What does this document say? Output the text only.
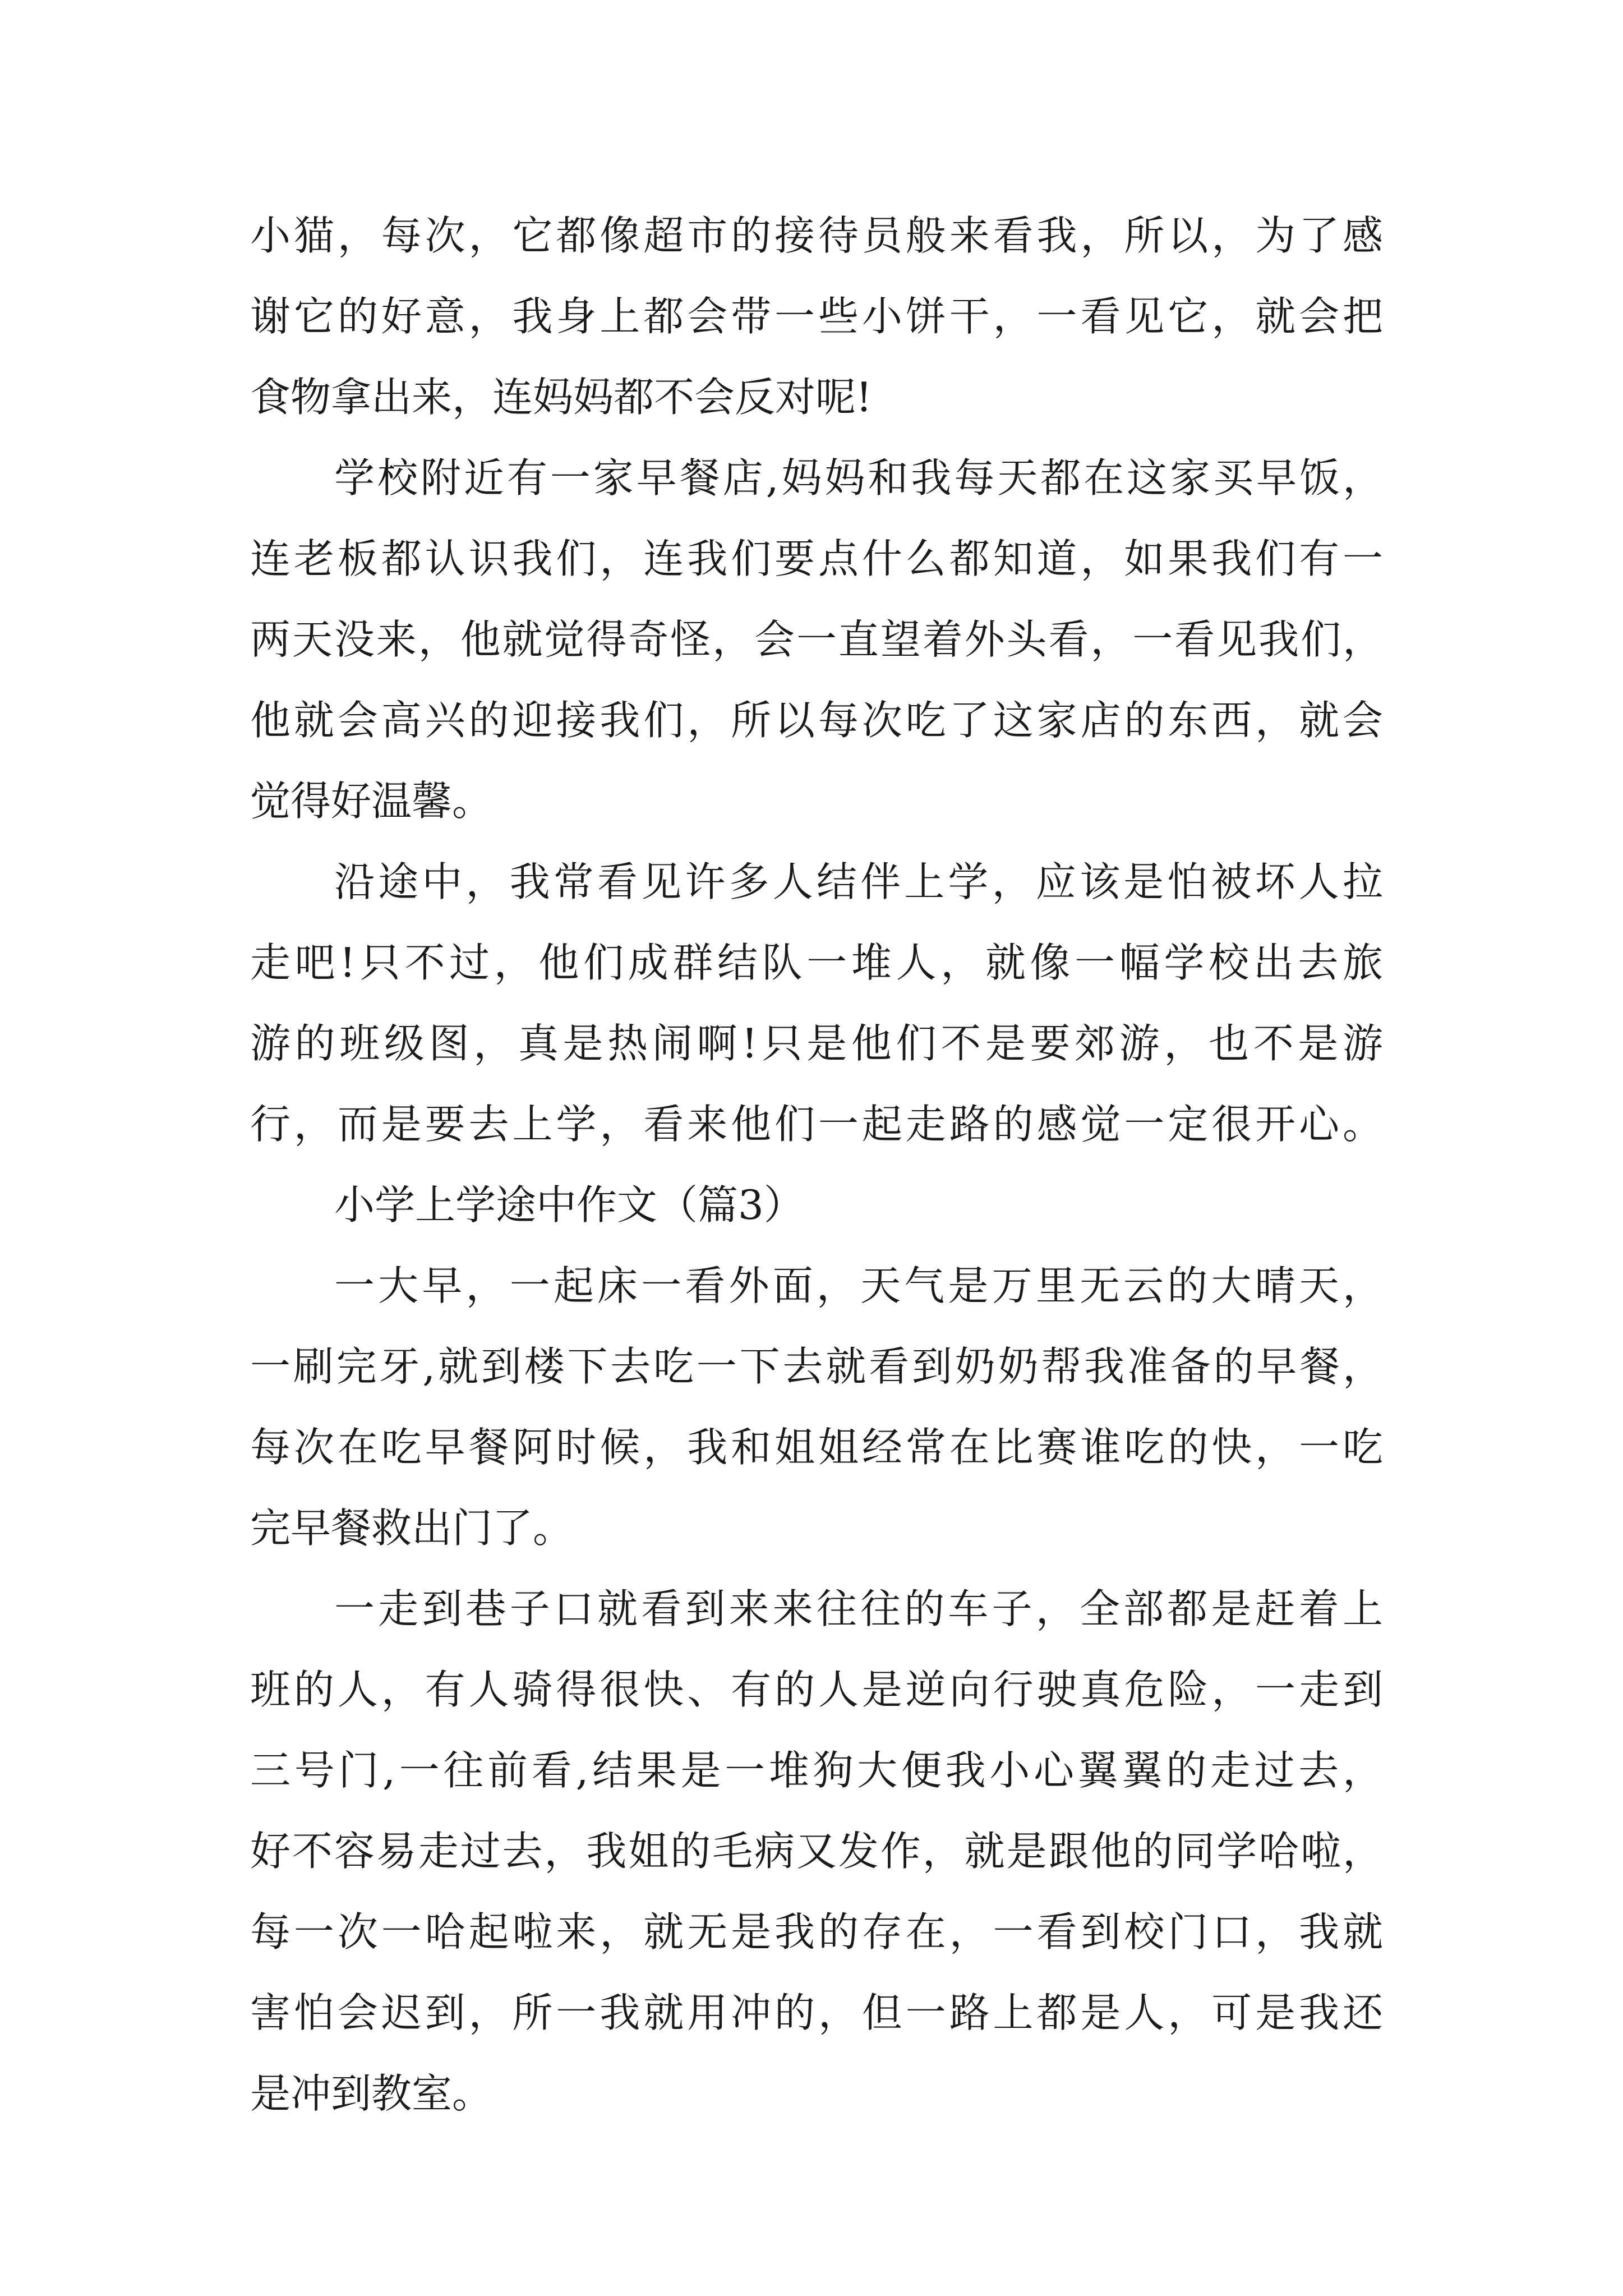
小猫，每次，它都像超市的接待员般来看我，所以，为了感
谢它的好意，我身上都会带一些小饼干，一看见它，就会把
食物拿出来，连妈妈都不会反对呢!
学校附近有一家早餐店,妈妈和我每天都在这家买早饭，
连老板都认识我们，连我们要点什么都知道，如果我们有一
两天没来，他就觉得奇怪，会一直望着外头看，一看见我们，
他就会高兴的迎接我们，所以每次吃了这家店的东西，就会
觉得好温馨。
沿途中，我常看见许多人结伴上学，应该是怕被坏人拉
走吧!只不过，他们成群结队一堆人，就像一幅学校出去旅
游的班级图，真是热闹啊!只是他们不是要郊游，也不是游
行，而是要去上学，看来他们一起走路的感觉一定很开心。
小学上学途中作文（篇3）
一大早，一起床一看外面，天气是万里无云的大晴天，
一刷完牙,就到楼下去吃一下去就看到奶奶帮我准备的早餐，
每次在吃早餐阿时候，我和姐姐经常在比赛谁吃的快，一吃
完早餐救出门了。
一走到巷子口就看到来来往往的车子，全部都是赶着上
班的人，有人骑得很快、有的人是逆向行驶真危险，一走到
三号门,一往前看,结果是一堆狗大便我小心翼翼的走过去，
好不容易走过去，我姐的毛病又发作，就是跟他的同学哈啦，
每一次一哈起啦来，就无是我的存在，一看到校门口，我就
害怕会迟到，所一我就用冲的，但一路上都是人，可是我还
是冲到教室。
